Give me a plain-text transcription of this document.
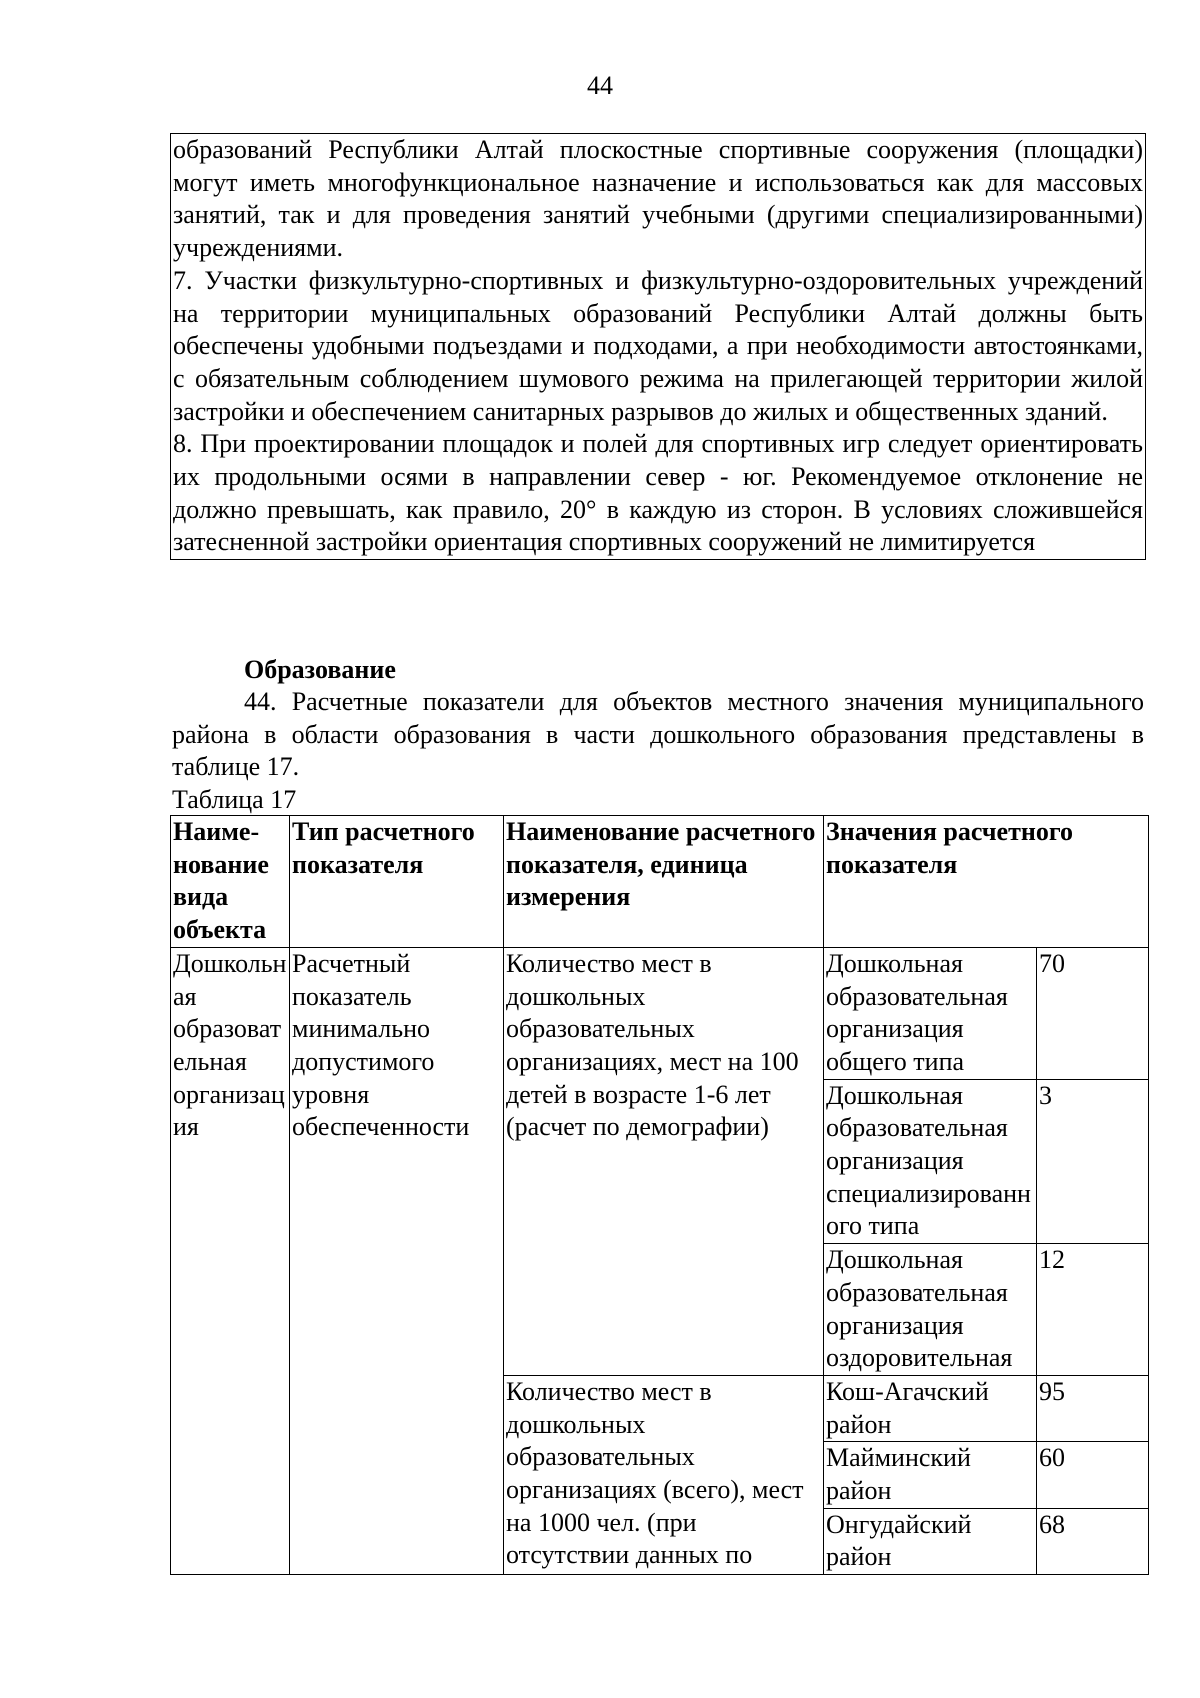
44

образований Республики Алтай плоскостные спортивные сооружения (площадки) могут иметь многофункциональное назначение и использоваться как для массовых занятий, так и для проведения занятий учебными (другими специализированными) учреждениями.

7. Участки физкультурно-спортивных и физкультурно-оздоровительных учреждений на территории муниципальных образований Республики Алтай должны быть обеспечены удобными подъездами и подходами, а при необходимости автостоянками, с обязательным соблюдением шумового режима на прилегающей территории жилой застройки и обеспечением санитарных разрывов до жилых и общественных зданий.

8. При проектировании площадок и полей для спортивных игр следует ориентировать их продольными осями в направлении север - юг. Рекомендуемое отклонение не должно превышать, как правило, 20° в каждую из сторон. В условиях сложившейся затесненной застройки ориентация спортивных сооружений не лимитируется

Образование

44. Расчетные показатели для объектов местного значения муниципального района в области образования в части дошкольного образования представлены в таблице 17.

Таблица 17
Наиме-нование вида объекта	Тип расчетного показателя	Наименование расчетного показателя, единица измерения	Значения расчетного показателя	
Дошкольная образовательная организация	Расчетный показатель минимально допустимого уровня обеспеченности	Количество мест в дошкольных образовательных организациях, мест на 100 детей в возрасте 1-6 лет (расчет по демографии)	Дошкольная образовательная организация общего типа	70
			Дошкольная образовательная организация специализированного типа	3
			Дошкольная образовательная организация оздоровительная	12
		Количество мест в дошкольных образовательных организациях (всего), мест на 1000 чел. (при отсутствии данных по	Кош-Агачский район	95
			Майминский район	60
			Онгудайский район	68
